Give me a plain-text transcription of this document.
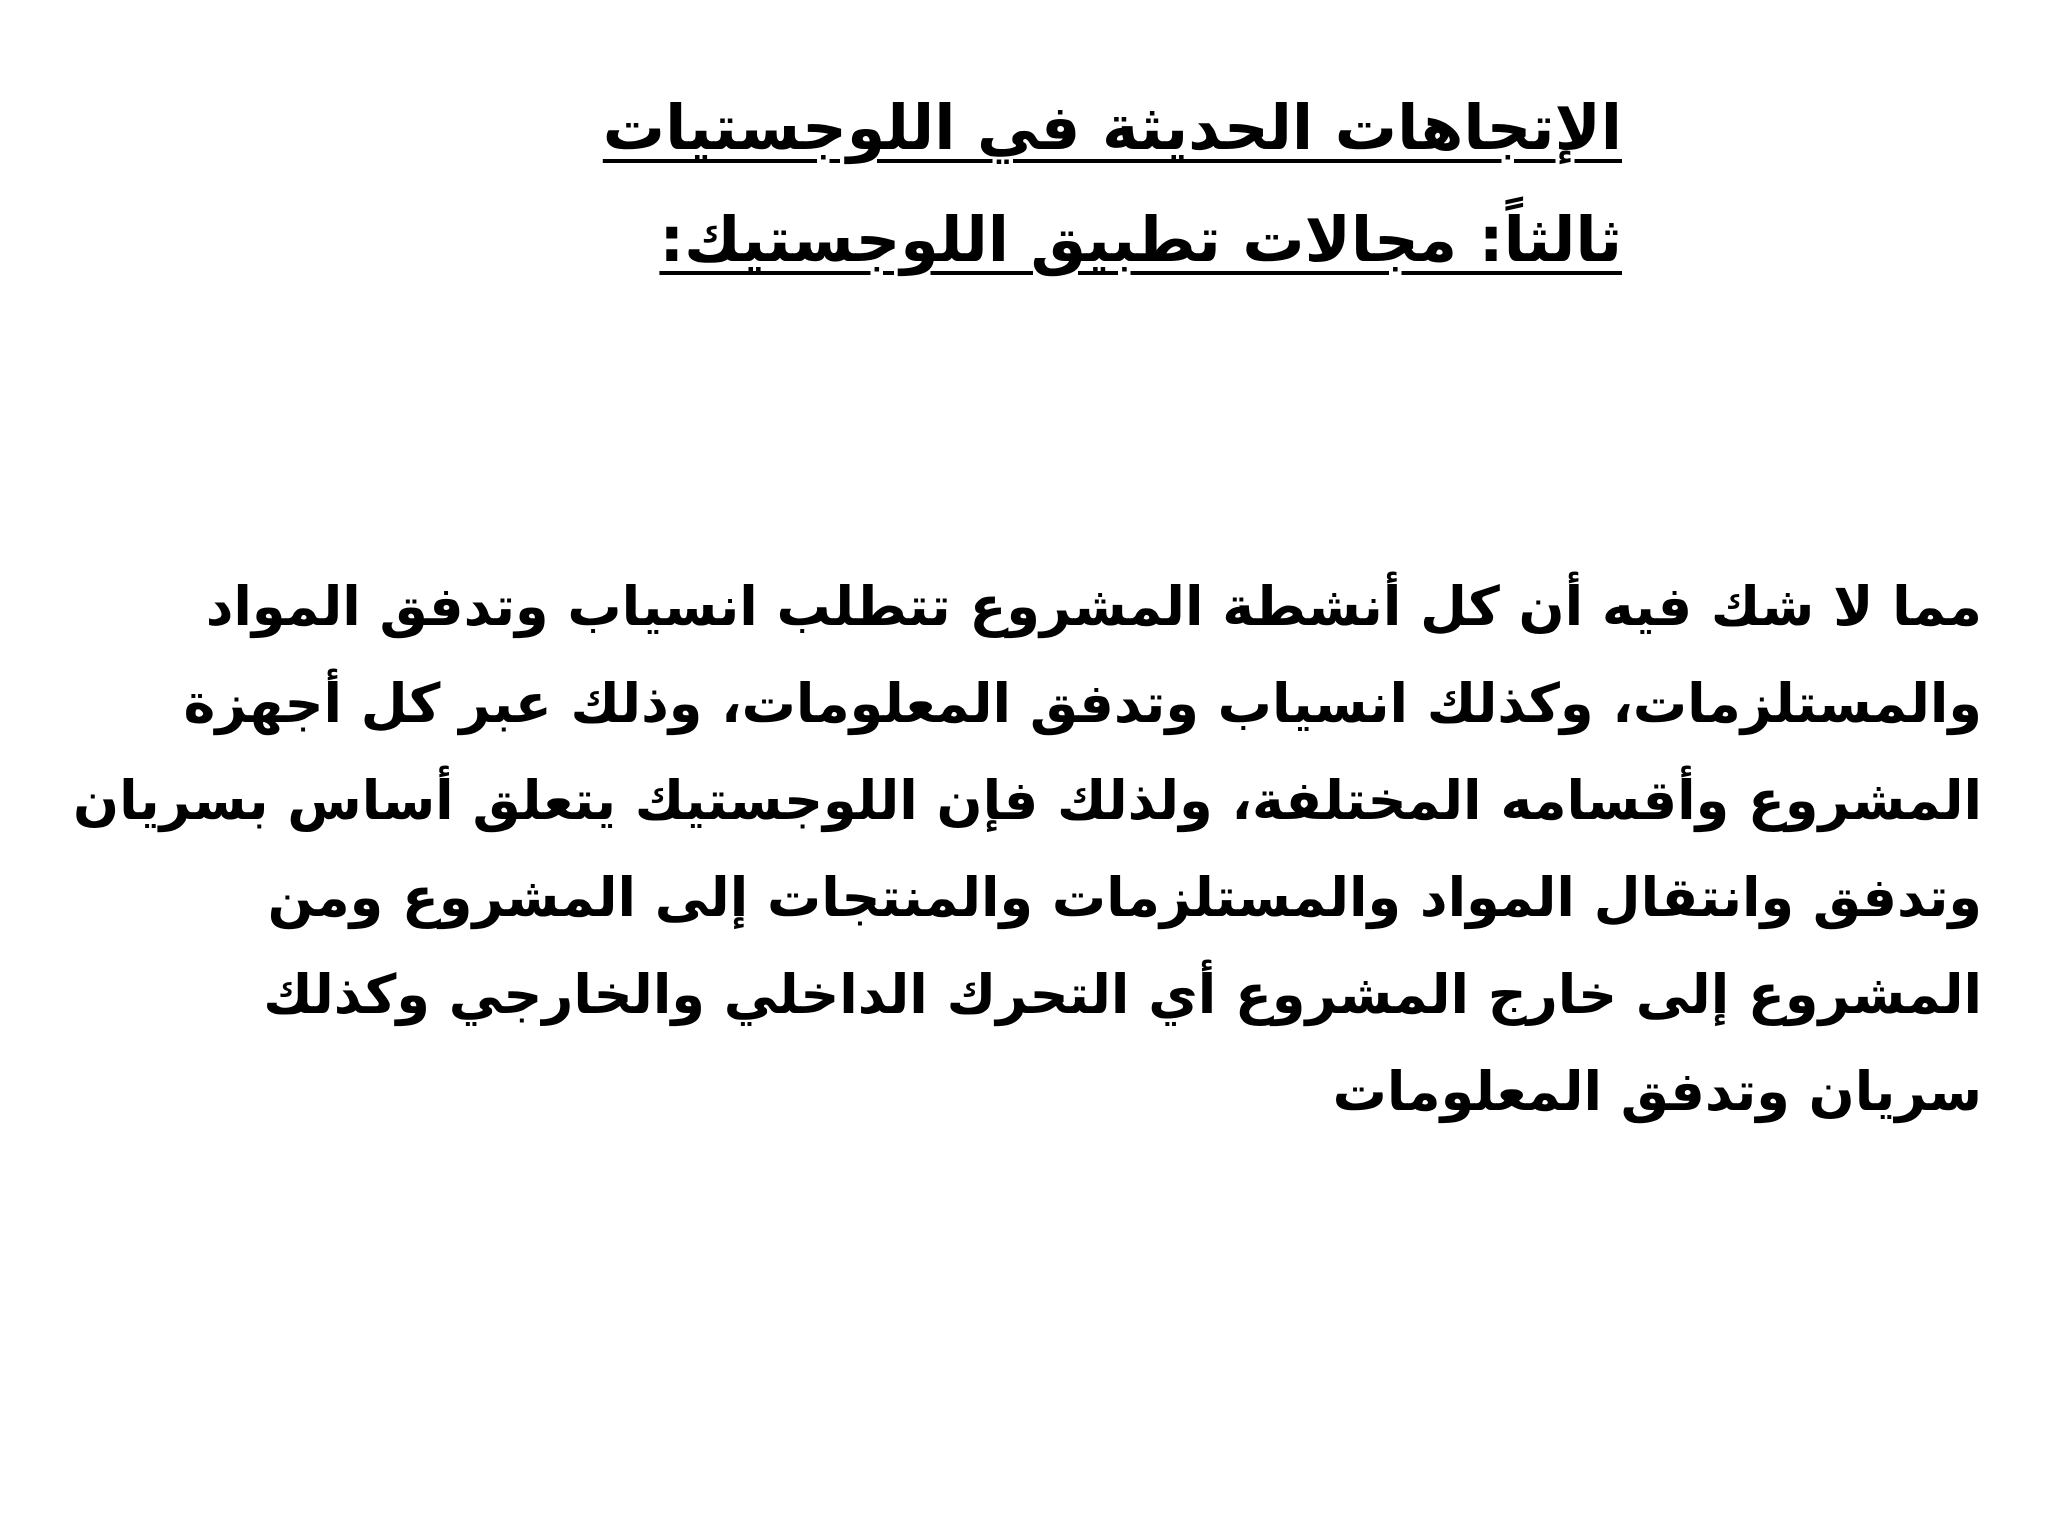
الإتجاهات الحديثة في اللوجستيات
ثالثاً: مجالات تطبيق اللوجستيك:
مما لا شك فيه أن كل أنشطة المشروع تتطلب انسياب وتدفق المواد
والمستلزمات، وكذلك انسياب وتدفق المعلومات، وذلك عبر كل أجهزة
المشروع وأقسامه المختلفة، ولذلك فإن اللوجستيك يتعلق أساس بسريان
وتدفق وانتقال المواد والمستلزمات والمنتجات إلى المشروع ومن
المشروع إلى خارج المشروع أي التحرك الداخلي والخارجي وكذلك
سريان وتدفق المعلومات
